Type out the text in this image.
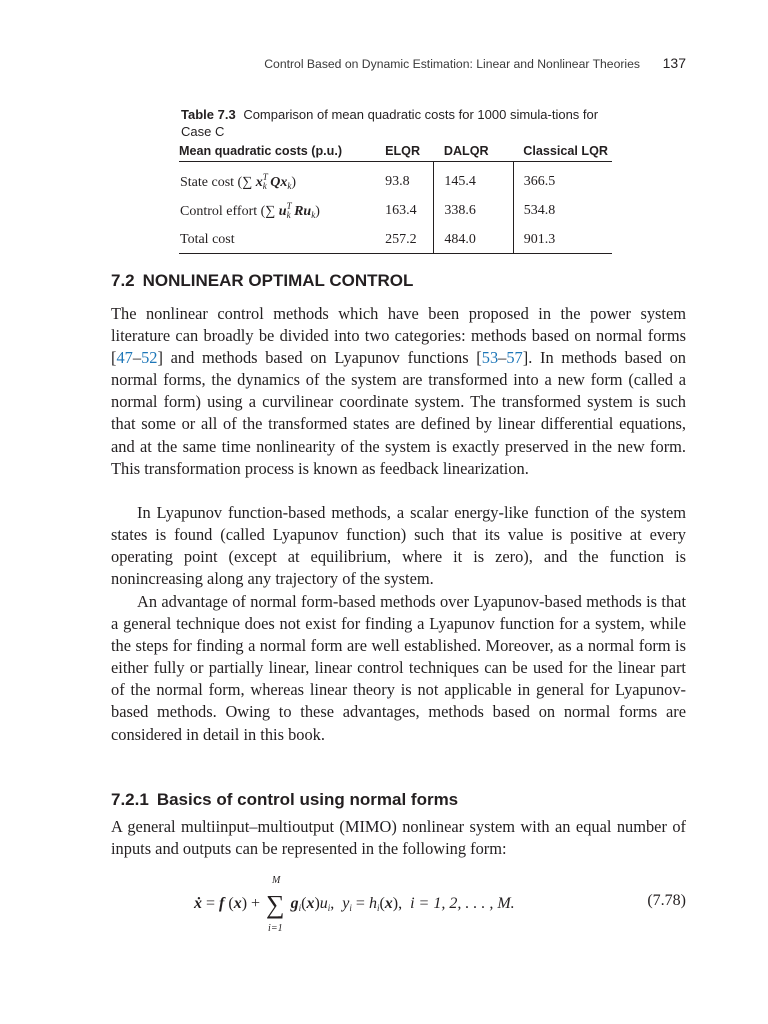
Control Based on Dynamic Estimation: Linear and Nonlinear Theories 137
Table 7.3 Comparison of mean quadratic costs for 1000 simula-tions for Case C
Mean quadratic costs (p.u.)	ELQR	DALQR	Classical LQR
State cost (∑ $x^T_k$ $Qx_k$)	93.8	145.4	366.5
Control effort (∑ $u^T_k$ $Ru_k$)	163.4	338.6	534.8
Total cost	257.2	484.0	901.3
7.2 NONLINEAR OPTIMAL CONTROL

The nonlinear control methods which have been proposed in the power system literature can broadly be divided into two categories: methods based on normal forms [47–52] and methods based on Lyapunov functions [53–57]. In methods based on normal forms, the dynamics of the system are transformed into a new form (called a normal form) using a curvilinear coordinate system. The transformed system is such that some or all of the transformed states are defined by linear differential equations, and at the same time nonlinearity of the system is exactly preserved in the new form. This transformation process is known as feedback linearization.

In Lyapunov function-based methods, a scalar energy-like function of the system states is found (called Lyapunov function) such that its value is positive at every operating point (except at equilibrium, where it is zero), and the function is nonincreasing along any trajectory of the system.

An advantage of normal form-based methods over Lyapunov-based methods is that a general technique does not exist for finding a Lyapunov function for a system, while the steps for finding a normal form are well established. Moreover, as a normal form is either fully or partially linear, linear control techniques can be used for the linear part of the normal form, whereas linear theory is not applicable in general for Lyapunov-based methods. Owing to these advantages, methods based on normal forms are considered in detail in this book.

7.2.1 Basics of control using normal forms

A general multiinput–multioutput (MIMO) nonlinear system with an equal number of inputs and outputs can be represented in the following form:

ẋ = f (x) + ∑
M
i=1
$g_i(x)u_i$,  $y_i = h_i(x)$,  i = 1, 2, . . . , M.	(7.78)
